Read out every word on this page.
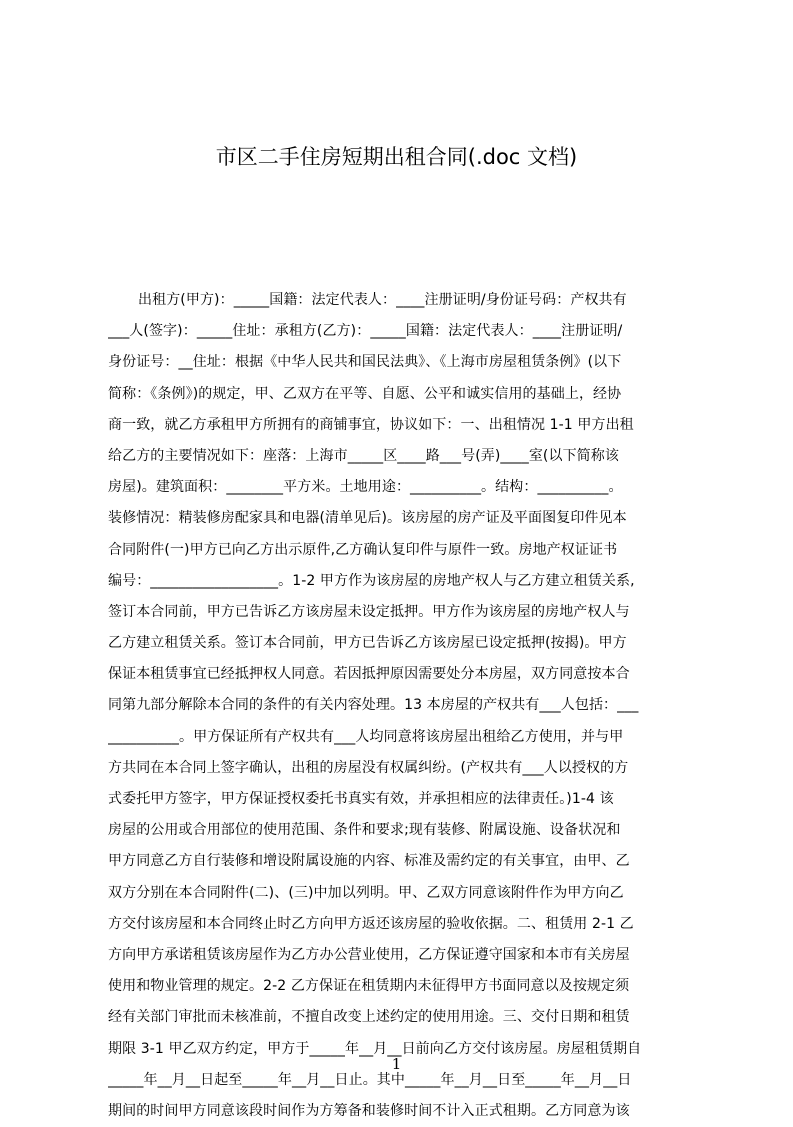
市区二手住房短期出租合同(.doc 文档)
出租方(甲方)：_____国籍：法定代表人：____注册证明/身份证号码：产权共有
___人(签字)：_____住址：承租方(乙方)：_____国籍：法定代表人：____注册证明/
身份证号：__住址：根据《中华人民共和国民法典》、《上海市房屋租赁条例》(以下
简称：《条例》)的规定，甲、乙双方在平等、自愿、公平和诚实信用的基础上，经协
商一致，就乙方承租甲方所拥有的商铺事宜，协议如下：一、出租情况 1-1 甲方出租
给乙方的主要情况如下：座落：上海市_____区____路___号(弄)____室(以下简称该
房屋)。建筑面积：________平方米。土地用途：__________。结构：__________。
装修情况：精装修房配家具和电器(清单见后)。该房屋的房产证及平面图复印件见本
合同附件(一)甲方已向乙方出示原件,乙方确认复印件与原件一致。房地产权证证书
编号：__________________。1-2 甲方作为该房屋的房地产权人与乙方建立租赁关系,
签订本合同前，甲方已告诉乙方该房屋未设定抵押。甲方作为该房屋的房地产权人与
乙方建立租赁关系。签订本合同前，甲方已告诉乙方该房屋已设定抵押(按揭)。甲方
保证本租赁事宜已经抵押权人同意。若因抵押原因需要处分本房屋，双方同意按本合
同第九部分解除本合同的条件的有关内容处理。13 本房屋的产权共有___人包括：___
__________。甲方保证所有产权共有___人均同意将该房屋出租给乙方使用，并与甲
方共同在本合同上签字确认，出租的房屋没有权属纠纷。(产权共有___人以授权的方
式委托甲方签字，甲方保证授权委托书真实有效，并承担相应的法律责任。)1-4 该
房屋的公用或合用部位的使用范围、条件和要求;现有装修、附属设施、设备状况和
甲方同意乙方自行装修和增设附属设施的内容、标准及需约定的有关事宜，由甲、乙
双方分别在本合同附件(二)、(三)中加以列明。甲、乙双方同意该附件作为甲方向乙
方交付该房屋和本合同终止时乙方向甲方返还该房屋的验收依据。二、租赁用 2-1 乙
方向甲方承诺租赁该房屋作为乙方办公营业使用，乙方保证遵守国家和本市有关房屋
使用和物业管理的规定。2-2 乙方保证在租赁期内未征得甲方书面同意以及按规定须
经有关部门审批而未核准前，不擅自改变上述约定的使用用途。三、交付日期和租赁
期限 3-1 甲乙双方约定，甲方于_____年__月__日前向乙方交付该房屋。房屋租赁期自
_____年__月__日起至_____年__月__日止。其中_____年__月__日至_____年__月__日
期间的时间甲方同意该段时间作为方筹备和装修时间不计入正式租期。乙方同意为该
1
